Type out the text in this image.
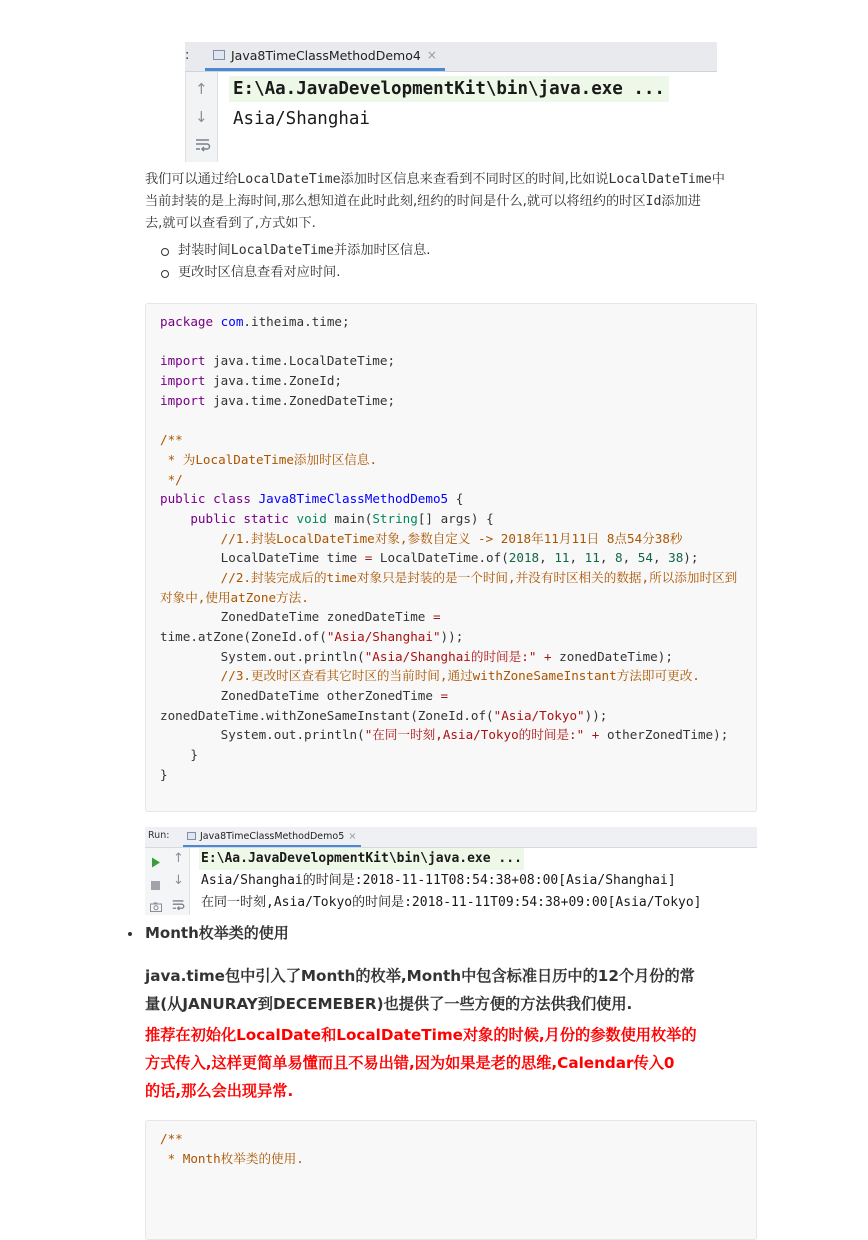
:	Java8TimeClassMethodDemo4 ×
↑
↓
E:\Aa.JavaDevelopmentKit\bin\java.exe ...
Asia/Shanghai
我们可以通过给LocalDateTime添加时区信息来查看到不同时区的时间,比如说LocalDateTime中
当前封装的是上海时间,那么想知道在此时此刻,纽约的时间是什么,就可以将纽约的时区Id添加进
去,就可以查看到了,方式如下.
封装时间LocalDateTime并添加时区信息.
更改时区信息查看对应时间.
package com.itheima.time;
import java.time.LocalDateTime;
import java.time.ZoneId;
import java.time.ZonedDateTime;
/**
* 为LocalDateTime添加时区信息.
*/
public class Java8TimeClassMethodDemo5 {
public static void main(String[] args) {
//1.封装LocalDateTime对象,参数自定义 -> 2018年11月11日 8点54分38秒
LocalDateTime time = LocalDateTime.of(2018, 11, 11, 8, 54, 38);
//2.封装完成后的time对象只是封装的是一个时间,并没有时区相关的数据,所以添加时区到
对象中,使用atZone方法.
ZonedDateTime zonedDateTime =
time.atZone(ZoneId.of("Asia/Shanghai"));
System.out.println("Asia/Shanghai的时间是:" + zonedDateTime);
//3.更改时区查看其它时区的当前时间,通过withZoneSameInstant方法即可更改.
ZonedDateTime otherZonedTime =
zonedDateTime.withZoneSameInstant(ZoneId.of("Asia/Tokyo"));
System.out.println("在同一时刻,Asia/Tokyo的时间是:" + otherZonedTime);
}
}
Run:	Java8TimeClassMethodDemo5 ×
↑
↓
E:\Aa.JavaDevelopmentKit\bin\java.exe ...
Asia/Shanghai的时间是:2018-11-11T08:54:38+08:00[Asia/Shanghai]
在同一时刻,Asia/Tokyo的时间是:2018-11-11T09:54:38+09:00[Asia/Tokyo]
Month枚举类的使用
java.time包中引入了Month的枚举,Month中包含标准日历中的12个月份的常
量(从JANURAY到DECEMEBER)也提供了一些方便的方法供我们使用.
推荐在初始化LocalDate和LocalDateTime对象的时候,月份的参数使用枚举的
方式传入,这样更简单易懂而且不易出错,因为如果是老的思维,Calendar传入0
的话,那么会出现异常.
/**
* Month枚举类的使用.
